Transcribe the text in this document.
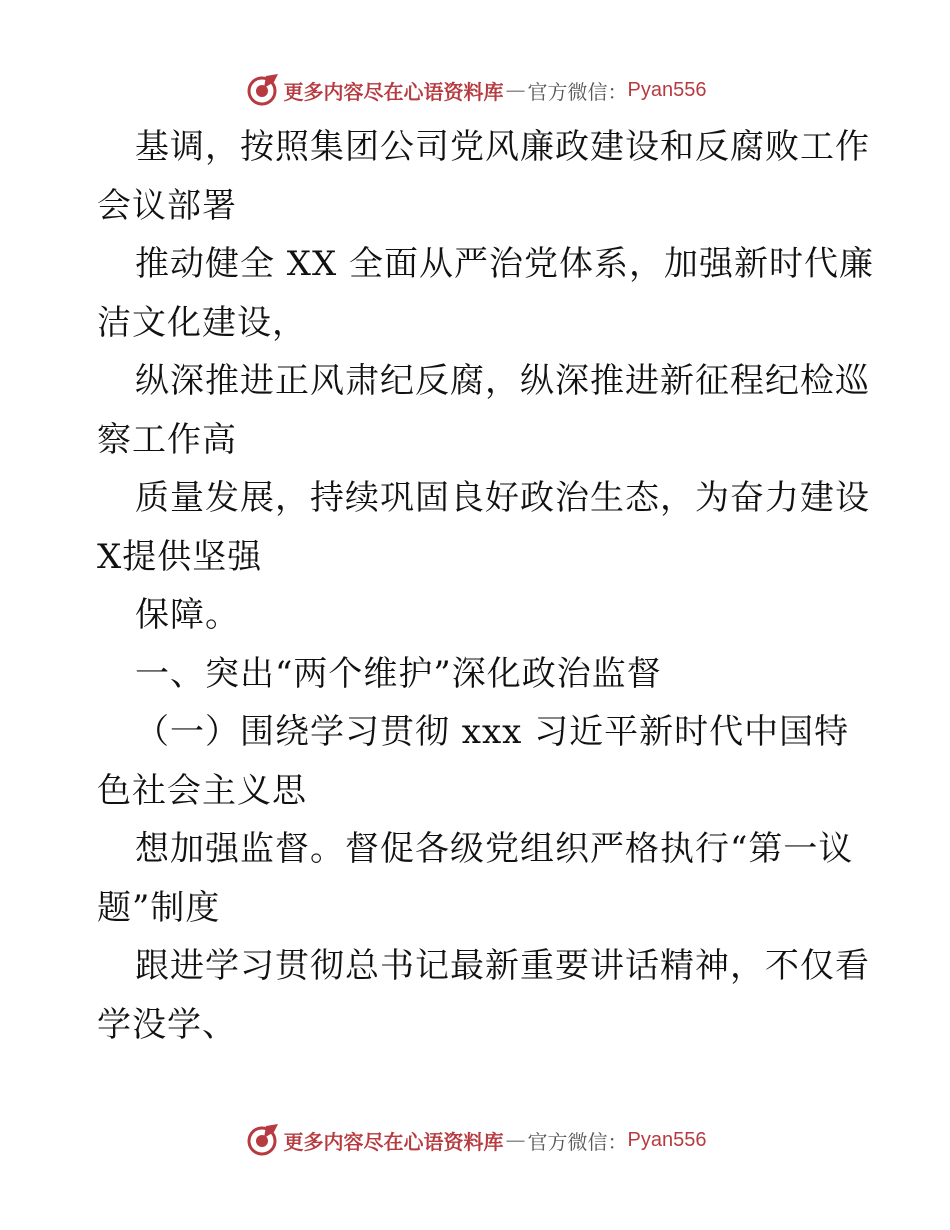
更多内容尽在心语资料库 — 官方微信： Pyan556
基调，按照集团公司党风廉政建设和反腐败工作
会议部署
推动健全 XX 全面从严治党体系，加强新时代廉
洁文化建设，
纵深推进正风肃纪反腐，纵深推进新征程纪检巡
察工作高
质量发展，持续巩固良好政治生态，为奋力建设
X提供坚强
保障。
一、突出“两个维护”深化政治监督
（一）围绕学习贯彻 xxx 习近平新时代中国特
色社会主义思
想加强监督。督促各级党组织严格执行“第一议
题”制度
跟进学习贯彻总书记最新重要讲话精神，不仅看
学没学、
更多内容尽在心语资料库 — 官方微信： Pyan556
